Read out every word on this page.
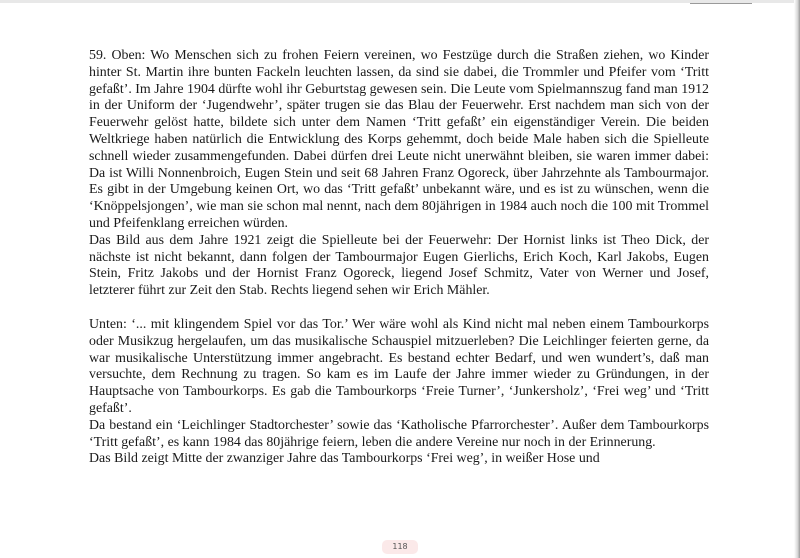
59. Oben: Wo Menschen sich zu frohen Feiern vereinen, wo Festzüge durch die Straßen ziehen, wo Kinder hinter St. Martin ihre bunten Fackeln leuchten lassen, da sind sie dabei, die Trommler und Pfeifer vom ‘Tritt gefaßt’. Im Jahre 1904 dürfte wohl ihr Geburtstag gewesen sein. Die Leute vom Spielmannszug fand man 1912 in der Uniform der ‘Jugendwehr’, später trugen sie das Blau der Feuerwehr. Erst nachdem man sich von der Feuerwehr gelöst hatte, bildete sich unter dem Namen ‘Tritt gefaßt’ ein eigenständiger Verein. Die beiden Weltkriege haben natürlich die Entwicklung des Korps gehemmt, doch beide Male haben sich die Spielleute schnell wieder zusammengefunden. Dabei dürfen drei Leute nicht unerwähnt bleiben, sie waren immer dabei: Da ist Willi Nonnenbroich, Eugen Stein und seit 68 Jahren Franz Ogoreck, über Jahrzehnte als Tambourmajor. Es gibt in der Umgebung keinen Ort, wo das ‘Tritt gefaßt’ unbekannt wäre, und es ist zu wünschen, wenn die ‘Knöppelsjongen’, wie man sie schon mal nennt, nach dem 80jährigen in 1984 auch noch die 100 mit Trommel und Pfeifenklang erreichen würden.

Das Bild aus dem Jahre 1921 zeigt die Spielleute bei der Feuerwehr: Der Hornist links ist Theo Dick, der nächste ist nicht bekannt, dann folgen der Tambourmajor Eugen Gierlichs, Erich Koch, Karl Jakobs, Eugen Stein, Fritz Jakobs und der Hornist Franz Ogoreck, liegend Josef Schmitz, Vater von Werner und Josef, letzterer führt zur Zeit den Stab. Rechts liegend sehen wir Erich Mähler.

Unten: ‘... mit klingendem Spiel vor das Tor.’ Wer wäre wohl als Kind nicht mal neben einem Tambourkorps oder Musikzug hergelaufen, um das musikalische Schauspiel mitzuerleben? Die Leichlinger feierten gerne, da war musikalische Unterstützung immer angebracht. Es bestand echter Bedarf, und wen wundert’s, daß man versuchte, dem Rechnung zu tragen. So kam es im Laufe der Jahre immer wieder zu Gründungen, in der Hauptsache von Tambourkorps. Es gab die Tambourkorps ‘Freie Turner’, ‘Junkersholz’, ‘Frei weg’ und ‘Tritt gefaßt’.

Da bestand ein ‘Leichlinger Stadtorchester’ sowie das ‘Katholische Pfarrorchester’. Außer dem Tambourkorps ‘Tritt gefaßt’, es kann 1984 das 80jährige feiern, leben die andere Vereine nur noch in der Erinnerung.

Das Bild zeigt Mitte der zwanziger Jahre das Tambourkorps ‘Frei weg’, in weißer Hose und

118
